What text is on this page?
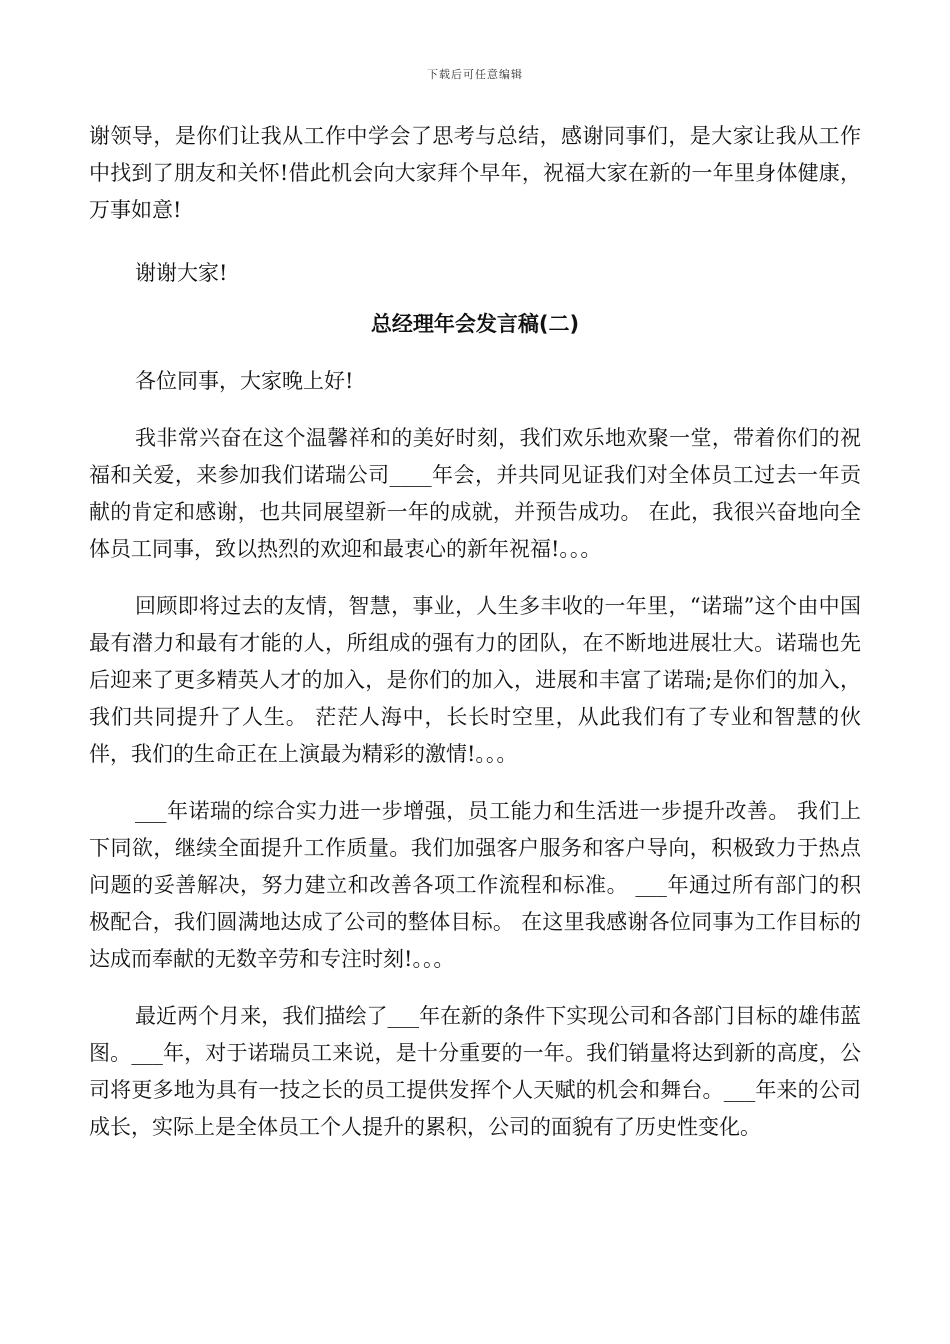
下载后可任意编辑

谢领导，是你们让我从工作中学会了思考与总结，感谢同事们，是大家让我从工作中找到了朋友和关怀!借此机会向大家拜个早年，祝福大家在新的一年里身体健康，万事如意!

谢谢大家!

总经理年会发言稿(二)

各位同事，大家晚上好!

我非常兴奋在这个温馨祥和的美好时刻，我们欢乐地欢聚一堂，带着你们的祝福和关爱，来参加我们诺瑞公司____年会，并共同见证我们对全体员工过去一年贡献的肯定和感谢，也共同展望新一年的成就，并预告成功。 在此，我很兴奋地向全体员工同事，致以热烈的欢迎和最衷心的新年祝福!。。。

回顾即将过去的友情，智慧，事业，人生多丰收的一年里，“诺瑞”这个由中国最有潜力和最有才能的人，所组成的强有力的团队，在不断地进展壮大。诺瑞也先后迎来了更多精英人才的加入，是你们的加入，进展和丰富了诺瑞;是你们的加入，我们共同提升了人生。 茫茫人海中，长长时空里，从此我们有了专业和智慧的伙伴，我们的生命正在上演最为精彩的激情!。。。

___年诺瑞的综合实力进一步增强，员工能力和生活进一步提升改善。 我们上下同欲，继续全面提升工作质量。我们加强客户服务和客户导向，积极致力于热点问题的妥善解决，努力建立和改善各项工作流程和标准。 ___年通过所有部门的积极配合，我们圆满地达成了公司的整体目标。 在这里我感谢各位同事为工作目标的达成而奉献的无数辛劳和专注时刻!。。。

最近两个月来，我们描绘了___年在新的条件下实现公司和各部门目标的雄伟蓝图。___年，对于诺瑞员工来说，是十分重要的一年。我们销量将达到新的高度，公司将更多地为具有一技之长的员工提供发挥个人天赋的机会和舞台。___年来的公司成长，实际上是全体员工个人提升的累积，公司的面貌有了历史性变化。
